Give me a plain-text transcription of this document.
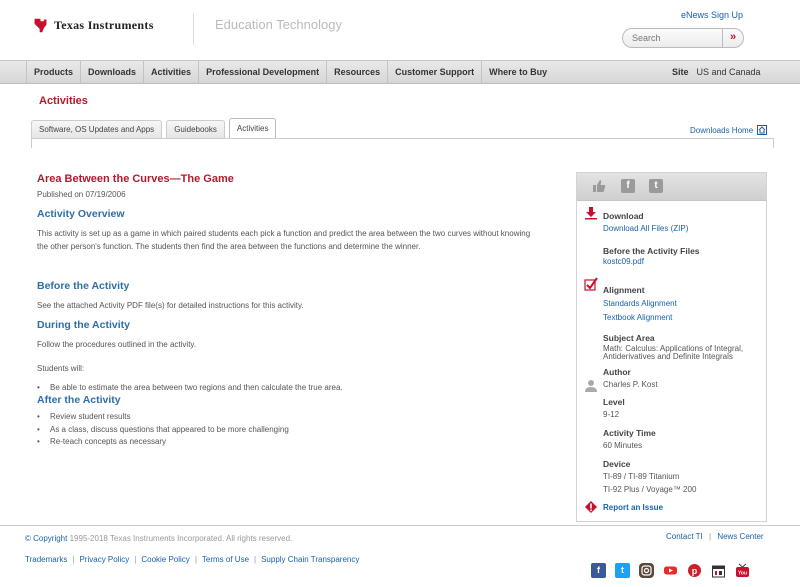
Texas Instruments	Education Technology
eNews Sign Up
Search	»
Products	Downloads	Activities	Professional Development	Resources	Customer Support	Where to Buy	Site US and Canada
Activities
Software, OS Updates and Apps	Guidebooks	Activities	Downloads Home
Area Between the Curves—The Game
Published on 07/19/2006
Activity Overview
This activity is set up as a game in which paired students each pick a function and predict the area between the two curves without knowing the other person's function. The students then find the area between the functions and determine the winner.
Before the Activity
See the attached Activity PDF file(s) for detailed instructions for this activity.
During the Activity
Follow the procedures outlined in the activity.
Students will:
• Be able to estimate the area between two regions and then calculate the true area.
After the Activity
• Review student results
• As a class, discuss questions that appeared to be more challenging
• Re-teach concepts as necessary
f	t
Download
Download All Files (ZIP)
Before the Activity Files
kostc09.pdf
Alignment
Standards Alignment
Textbook Alignment
Subject Area
Math: Calculus: Applications of Integral, Antiderivatives and Definite Integrals
Author
Charles P. Kost
Level
9-12
Activity Time
60 Minutes
Device
TI-89 / TI-89 Titanium
TI-92 Plus / Voyage™ 200
Report an Issue
© Copyright 1995-2018 Texas Instruments Incorporated. All rights reserved.	Contact TI | News Center
Trademarks | Privacy Policy | Cookie Policy | Terms of Use | Supply Chain Transparency
f	t	p	You
